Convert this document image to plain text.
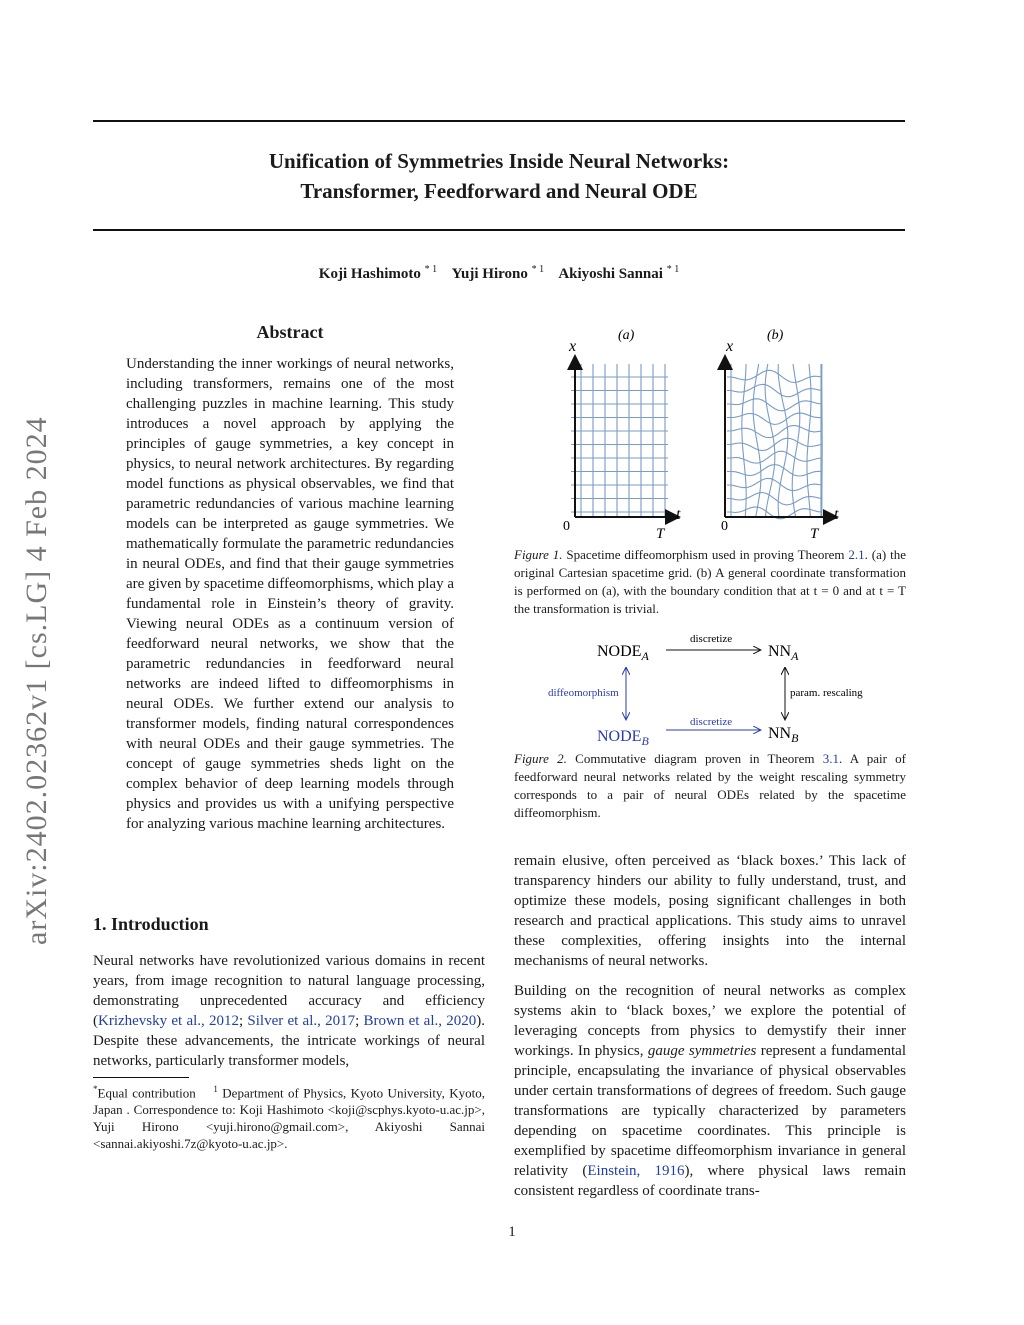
Unification of Symmetries Inside Neural Networks:
Transformer, Feedforward and Neural ODE
Koji Hashimoto $^{* 1}$ Yuji Hirono $^{* 1}$ Akiyoshi Sannai $^{* 1}$
arXiv:2402.02362v1 [cs.LG] 4 Feb 2024
Abstract
Understanding the inner workings of neural networks, including transformers, remains one of the most challenging puzzles in machine learning. This study introduces a novel approach by applying the principles of gauge symmetries, a key concept in physics, to neural network architectures. By regarding model functions as physical observables, we find that parametric redundancies of various machine learning models can be interpreted as gauge symmetries. We mathematically formulate the parametric redundancies in neural ODEs, and find that their gauge symmetries are given by spacetime diffeomorphisms, which play a fundamental role in Einstein’s theory of gravity. Viewing neural ODEs as a continuum version of feedforward neural networks, we show that the parametric redundancies in feedforward neural networks are indeed lifted to diffeomorphisms in neural ODEs. We further extend our analysis to transformer models, finding natural correspondences with neural ODEs and their gauge symmetries. The concept of gauge symmetries sheds light on the complex behavior of deep learning models through physics and provides us with a unifying perspective for analyzing various machine learning architectures.
1. Introduction
Neural networks have revolutionized various domains in recent years, from image recognition to natural language processing, demonstrating unprecedented accuracy and efficiency (Krizhevsky et al., 2012; Silver et al., 2017; Brown et al., 2020). Despite these advancements, the intricate workings of neural networks, particularly transformer models,
*Equal contribution    $^1$ Department of Physics, Kyoto University, Kyoto, Japan . Correspondence to: Koji Hashimoto <koji@scphys.kyoto-u.ac.jp>, Yuji Hirono <yuji.hirono@gmail.com>, Akiyoshi Sannai <sannai.akiyoshi.7z@kyoto-u.ac.jp>.
(a)	(b)
x
t
0	T
x
t
0	T
Figure 1. Spacetime diffeomorphism used in proving Theorem 2.1. (a) the original Cartesian spacetime grid. (b) A general coordinate transformation is performed on (a), with the boundary condition that at t = 0 and at t = T the transformation is trivial.
$NODE_A$	$NN_A$
$NODE_B$	$NN_B$
discretize
discretize
diffeomorphism	param. rescaling
Figure 2. Commutative diagram proven in Theorem 3.1. A pair of feedforward neural networks related by the weight rescaling symmetry corresponds to a pair of neural ODEs related by the spacetime diffeomorphism.
remain elusive, often perceived as ‘black boxes.’ This lack of transparency hinders our ability to fully understand, trust, and optimize these models, posing significant challenges in both research and practical applications. This study aims to unravel these complexities, offering insights into the internal mechanisms of neural networks.
Building on the recognition of neural networks as complex systems akin to ‘black boxes,’ we explore the potential of leveraging concepts from physics to demystify their inner workings. In physics, gauge symmetries represent a fundamental principle, encapsulating the invariance of physical observables under certain transformations of degrees of freedom. Such gauge transformations are typically characterized by parameters depending on spacetime coordinates. This principle is exemplified by spacetime diffeomorphism invariance in general relativity (Einstein, 1916), where physical laws remain consistent regardless of coordinate trans-
1
